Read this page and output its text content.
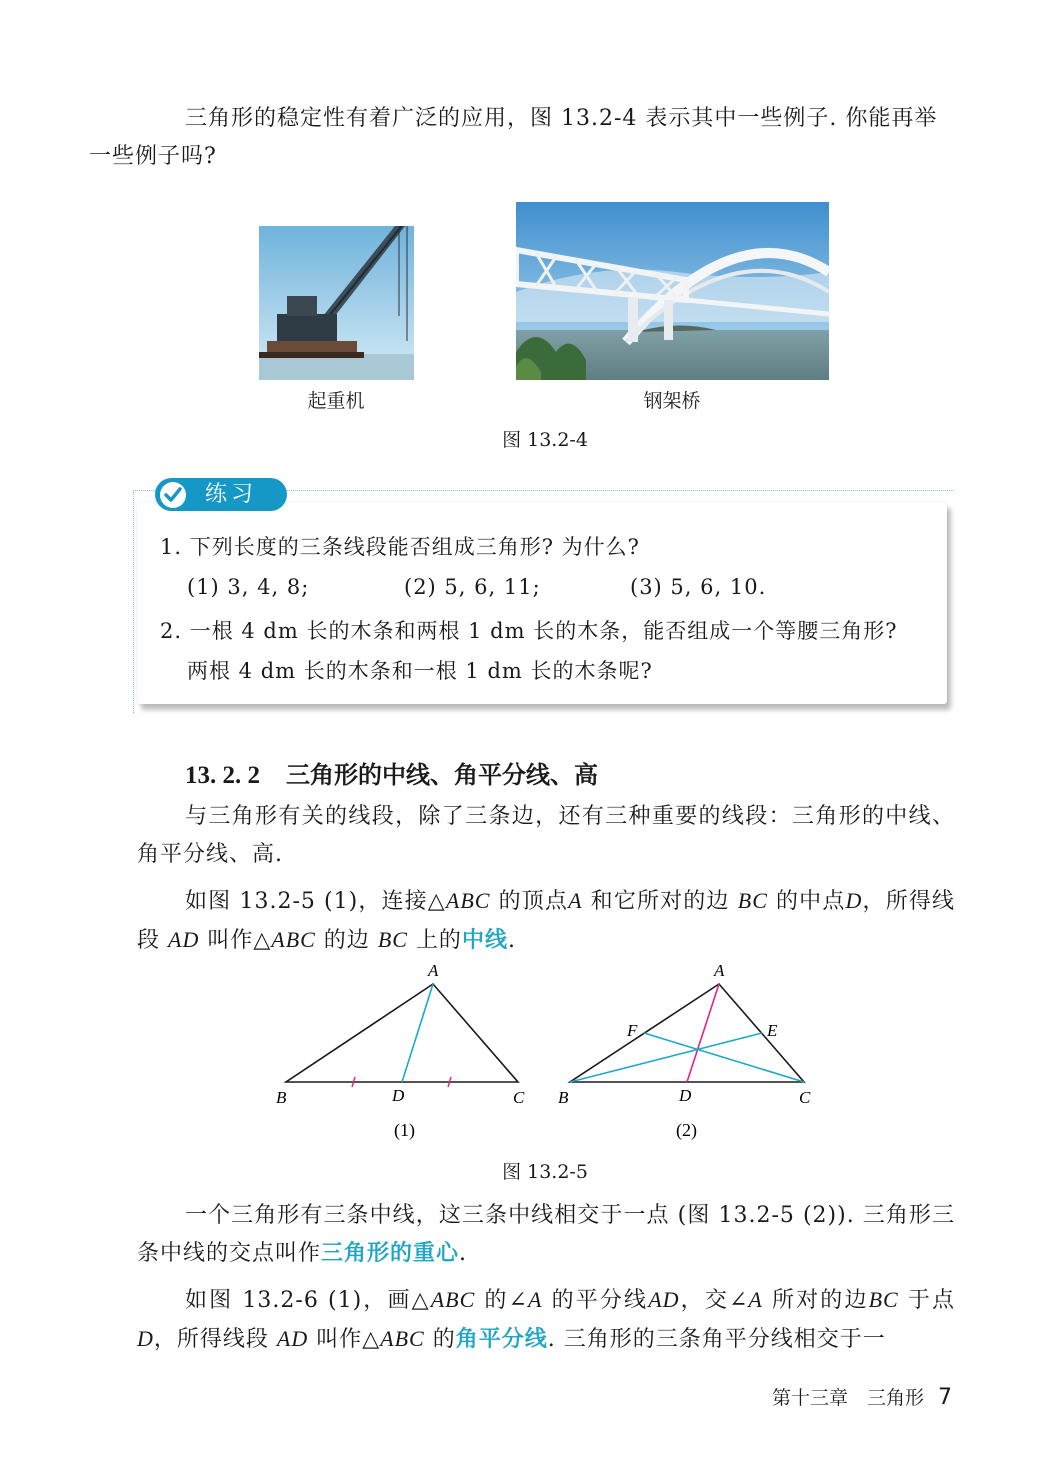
三角形的稳定性有着广泛的应用，图 13.2-4 表示其中一些例子. 你能再举
一些例子吗?

起重机	钢架桥

图 13.2-4

练习

1. 下列长度的三条线段能否组成三角形? 为什么?

(1) 3, 4, 8;	(2) 5, 6, 11;	(3) 5, 6, 10.

2. 一根 4 dm 长的木条和两根 1 dm 长的木条，能否组成一个等腰三角形?

两根 4 dm 长的木条和一根 1 dm 长的木条呢?

13. 2. 2 三角形的中线、角平分线、高

与三角形有关的线段，除了三条边，还有三种重要的线段：三角形的中线、角平分线、高.

如图 13.2-5 (1)，连接△ABC 的顶点A 和它所对的边 BC 的中点D，所得线段 AD 叫作△ABC 的边 BC 上的中线.

A
B	C
D
(1)
A
B	C
D
E
F
(2)

图 13.2-5

一个三角形有三条中线，这三条中线相交于一点 (图 13.2-5 (2)). 三角形三条中线的交点叫作三角形的重心.

如图 13.2-6 (1)，画△ABC 的∠A 的平分线AD，交∠A 所对的边BC 于点D，所得线段 AD 叫作△ABC 的角平分线. 三角形的三条角平分线相交于一

第十三章　三角形 7
